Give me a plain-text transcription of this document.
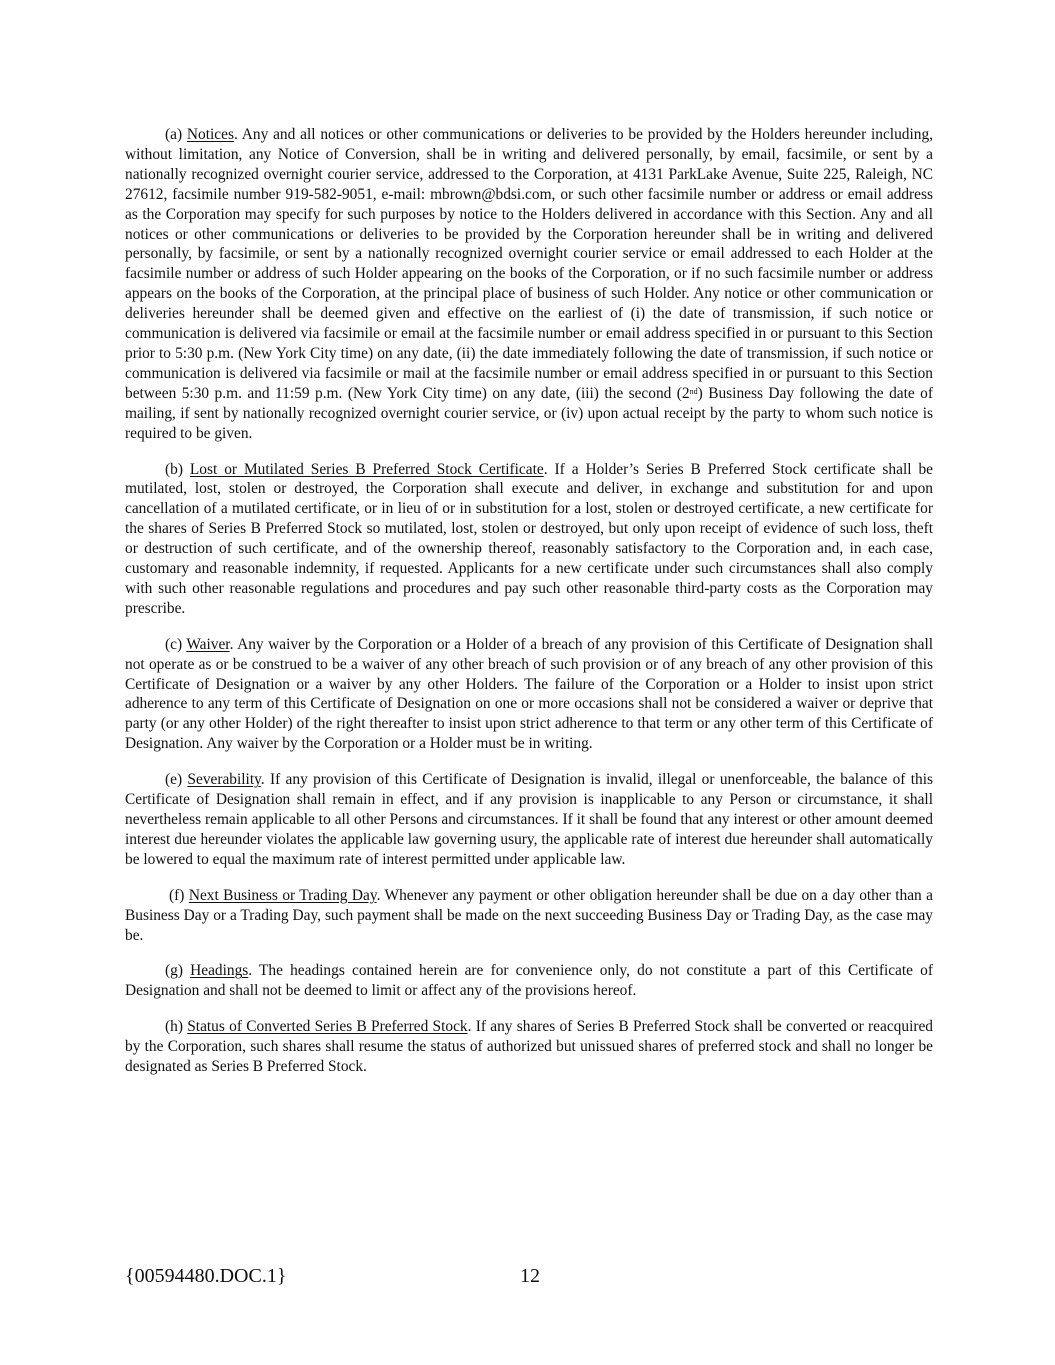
(a) Notices. Any and all notices or other communications or deliveries to be provided by the Holders hereunder including, without limitation, any Notice of Conversion, shall be in writing and delivered personally, by email, facsimile, or sent by a nationally recognized overnight courier service, addressed to the Corporation, at 4131 ParkLake Avenue, Suite 225, Raleigh, NC 27612, facsimile number 919-582-9051, e-mail: mbrown@bdsi.com, or such other facsimile number or address or email address as the Corporation may specify for such purposes by notice to the Holders delivered in accordance with this Section. Any and all notices or other communications or deliveries to be provided by the Corporation hereunder shall be in writing and delivered personally, by facsimile, or sent by a nationally recognized overnight courier service or email addressed to each Holder at the facsimile number or address of such Holder appearing on the books of the Corporation, or if no such facsimile number or address appears on the books of the Corporation, at the principal place of business of such Holder. Any notice or other communication or deliveries hereunder shall be deemed given and effective on the earliest of (i) the date of transmission, if such notice or communication is delivered via facsimile or email at the facsimile number or email address specified in or pursuant to this Section prior to 5:30 p.m. (New York City time) on any date, (ii) the date immediately following the date of transmission, if such notice or communication is delivered via facsimile or mail at the facsimile number or email address specified in or pursuant to this Section between 5:30 p.m. and 11:59 p.m. (New York City time) on any date, (iii) the second (2nd) Business Day following the date of mailing, if sent by nationally recognized overnight courier service, or (iv) upon actual receipt by the party to whom such notice is required to be given.

(b) Lost or Mutilated Series B Preferred Stock Certificate. If a Holder’s Series B Preferred Stock certificate shall be mutilated, lost, stolen or destroyed, the Corporation shall execute and deliver, in exchange and substitution for and upon cancellation of a mutilated certificate, or in lieu of or in substitution for a lost, stolen or destroyed certificate, a new certificate for the shares of Series B Preferred Stock so mutilated, lost, stolen or destroyed, but only upon receipt of evidence of such loss, theft or destruction of such certificate, and of the ownership thereof, reasonably satisfactory to the Corporation and, in each case, customary and reasonable indemnity, if requested. Applicants for a new certificate under such circumstances shall also comply with such other reasonable regulations and procedures and pay such other reasonable third-party costs as the Corporation may prescribe.

(c) Waiver. Any waiver by the Corporation or a Holder of a breach of any provision of this Certificate of Designation shall not operate as or be construed to be a waiver of any other breach of such provision or of any breach of any other provision of this Certificate of Designation or a waiver by any other Holders. The failure of the Corporation or a Holder to insist upon strict adherence to any term of this Certificate of Designation on one or more occasions shall not be considered a waiver or deprive that party (or any other Holder) of the right thereafter to insist upon strict adherence to that term or any other term of this Certificate of Designation. Any waiver by the Corporation or a Holder must be in writing.

(e) Severability. If any provision of this Certificate of Designation is invalid, illegal or unenforceable, the balance of this Certificate of Designation shall remain in effect, and if any provision is inapplicable to any Person or circumstance, it shall nevertheless remain applicable to all other Persons and circumstances. If it shall be found that any interest or other amount deemed interest due hereunder violates the applicable law governing usury, the applicable rate of interest due hereunder shall automatically be lowered to equal the maximum rate of interest permitted under applicable law.

(f) Next Business or Trading Day. Whenever any payment or other obligation hereunder shall be due on a day other than a Business Day or a Trading Day, such payment shall be made on the next succeeding Business Day or Trading Day, as the case may be.

(g) Headings. The headings contained herein are for convenience only, do not constitute a part of this Certificate of Designation and shall not be deemed to limit or affect any of the provisions hereof.

(h) Status of Converted Series B Preferred Stock. If any shares of Series B Preferred Stock shall be converted or reacquired by the Corporation, such shares shall resume the status of authorized but unissued shares of preferred stock and shall no longer be designated as Series B Preferred Stock.

{00594480.DOC.1}	12
